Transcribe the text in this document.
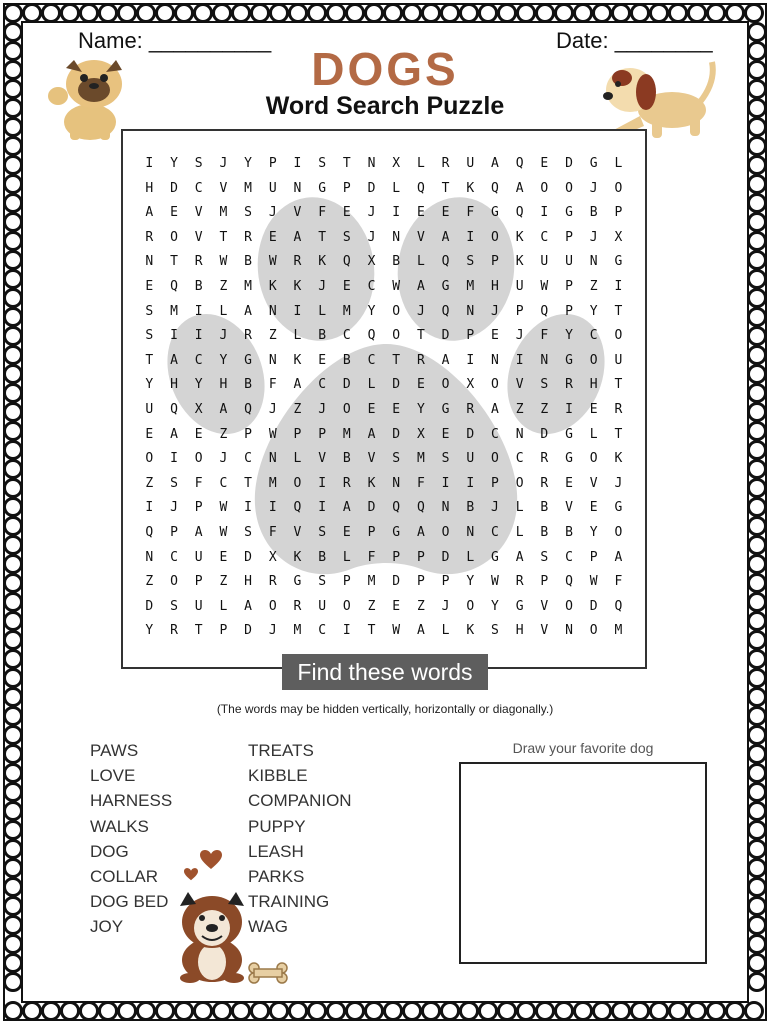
Name: __________	Date: ________
DOGS
Word Search Puzzle
I	Y	S	J	Y	P	I	S	T	N	X	L	R	U	A	Q	E	D	G	L
H	D	C	V	M	U	N	G	P	D	L	Q	T	K	Q	A	O	O	J	O
A	E	V	M	S	J	V	F	E	J	I	E	E	F	G	Q	I	G	B	P
R	O	V	T	R	E	A	T	S	J	N	V	A	I	O	K	C	P	J	X
N	T	R	W	B	W	R	K	Q	X	B	L	Q	S	P	K	U	U	N	G
E	Q	B	Z	M	K	K	J	E	C	W	A	G	M	H	U	W	P	Z	I
S	M	I	L	A	N	I	L	M	Y	O	J	Q	N	J	P	Q	P	Y	T
S	I	I	J	R	Z	L	B	C	Q	O	T	D	P	E	J	F	Y	C	O
T	A	C	Y	G	N	K	E	B	C	T	R	A	I	N	I	N	G	O	U
Y	H	Y	H	B	F	A	C	D	L	D	E	O	X	O	V	S	R	H	T
U	Q	X	A	Q	J	Z	J	O	E	E	Y	G	R	A	Z	Z	I	E	R
E	A	E	Z	P	W	P	P	M	A	D	X	E	D	C	N	D	G	L	T
O	I	O	J	C	N	L	V	B	V	S	M	S	U	O	C	R	G	O	K
Z	S	F	C	T	M	O	I	R	K	N	F	I	I	P	O	R	E	V	J
I	J	P	W	I	I	Q	I	A	D	Q	Q	N	B	J	L	B	V	E	G
Q	P	A	W	S	F	V	S	E	P	G	A	O	N	C	L	B	B	Y	O
N	C	U	E	D	X	K	B	L	F	P	P	D	L	G	A	S	C	P	A
Z	O	P	Z	H	R	G	S	P	M	D	P	P	Y	W	R	P	Q	W	F
D	S	U	L	A	O	R	U	O	Z	E	Z	J	O	Y	G	V	O	D	Q
Y	R	T	P	D	J	M	C	I	T	W	A	L	K	S	H	V	N	O	M
Find these words
(The words may be hidden vertically, horizontally or diagonally.)
PAWS
LOVE
HARNESS
WALKS
DOG
COLLAR
DOG BED
JOY
TREATS
KIBBLE
COMPANION
PUPPY
LEASH
PARKS
TRAINING
WAG
Draw your favorite dog
